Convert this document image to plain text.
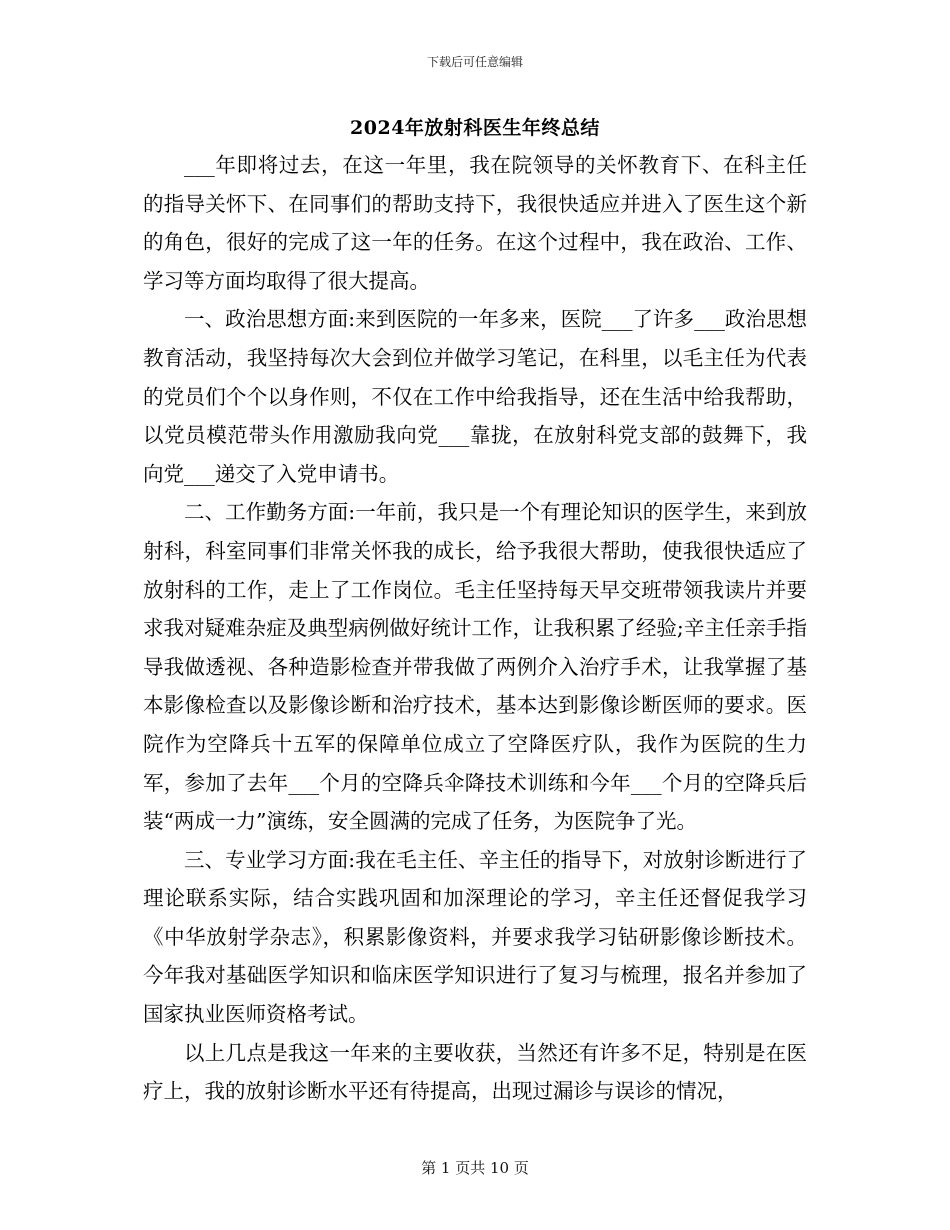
下载后可任意编辑
2024年放射科医生年终总结

___年即将过去，在这一年里，我在院领导的关怀教育下、在科主任的指导关怀下、在同事们的帮助支持下，我很快适应并进入了医生这个新的角色，很好的完成了这一年的任务。在这个过程中，我在政治、工作、学习等方面均取得了很大提高。

一、政治思想方面:来到医院的一年多来，医院___了许多___政治思想教育活动，我坚持每次大会到位并做学习笔记，在科里，以毛主任为代表的党员们个个以身作则，不仅在工作中给我指导，还在生活中给我帮助，以党员模范带头作用激励我向党___靠拢，在放射科党支部的鼓舞下，我向党___递交了入党申请书。

二、工作勤务方面:一年前，我只是一个有理论知识的医学生，来到放射科，科室同事们非常关怀我的成长，给予我很大帮助，使我很快适应了放射科的工作，走上了工作岗位。毛主任坚持每天早交班带领我读片并要求我对疑难杂症及典型病例做好统计工作，让我积累了经验;辛主任亲手指导我做透视、各种造影检查并带我做了两例介入治疗手术，让我掌握了基本影像检查以及影像诊断和治疗技术，基本达到影像诊断医师的要求。医院作为空降兵十五军的保障单位成立了空降医疗队，我作为医院的生力军，参加了去年___个月的空降兵伞降技术训练和今年___个月的空降兵后装“两成一力”演练，安全圆满的完成了任务，为医院争了光。

三、专业学习方面:我在毛主任、辛主任的指导下，对放射诊断进行了理论联系实际，结合实践巩固和加深理论的学习，辛主任还督促我学习《中华放射学杂志》，积累影像资料，并要求我学习钻研影像诊断技术。今年我对基础医学知识和临床医学知识进行了复习与梳理，报名并参加了国家执业医师资格考试。

以上几点是我这一年来的主要收获，当然还有许多不足，特别是在医疗上，我的放射诊断水平还有待提高，出现过漏诊与误诊的情况，

第 1 页共 10 页
